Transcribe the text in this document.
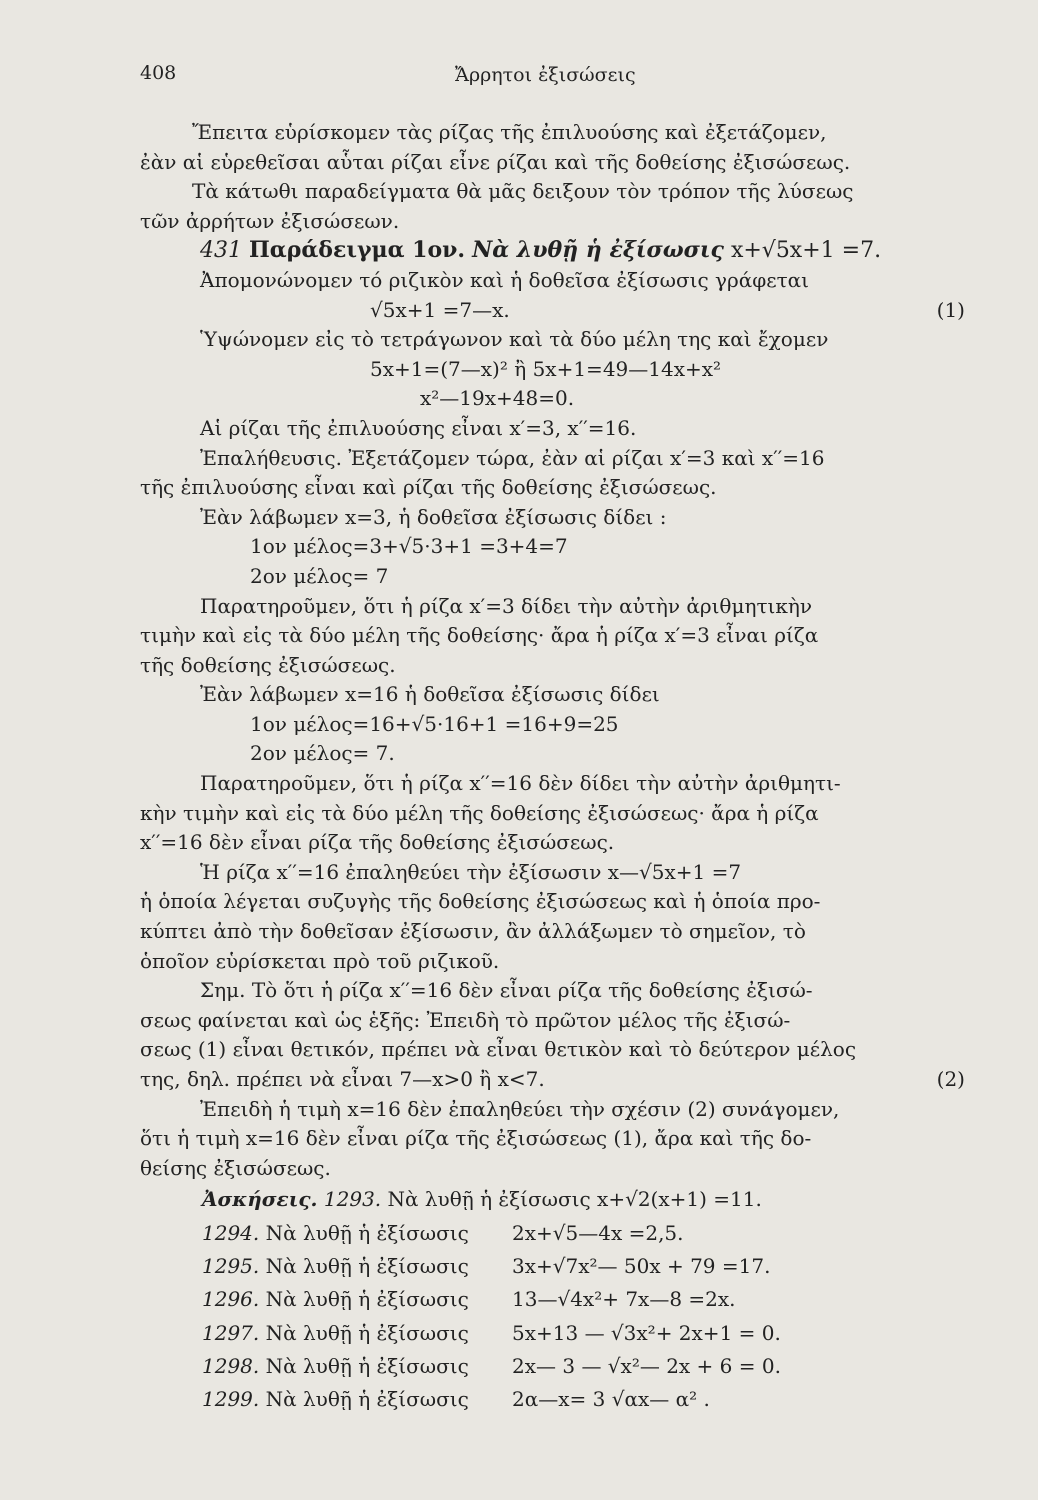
408	Ἄρρητοι ἐξισώσεις
Ἔπειτα εὑρίσκομεν τὰς ρίζας τῆς ἐπιλυούσης καὶ ἐξετάζομεν,
ἐὰν αἱ εὑρεθεῖσαι αὗται ρίζαι εἶνε ρίζαι καὶ τῆς δοθείσης ἐξισώσεως.
Τὰ κάτωθι παραδείγματα θὰ μᾶς δειξουν τὸν τρόπον τῆς λύσεως
τῶν ἀρρήτων ἐξισώσεων.
431 Παράδειγμα 1ον. Νὰ λυθῇ ἡ ἐξίσωσις x+√5x+1 =7.
Ἀπομονώνομεν τό ριζικὸν καὶ ἡ δοθεῖσα ἐξίσωσις γράφεται
√5x+1 =7—x.	(1)
Ὑψώνομεν εἰς τὸ τετράγωνον καὶ τὰ δύο μέλη της καὶ ἔχομεν
5x+1=(7—x)² ἢ 5x+1=49—14x+x²
x²—19x+48=0.
Αἱ ρίζαι τῆς ἐπιλυούσης εἶναι x′=3, x′′=16.
Ἐπαλήθευσις. Ἐξετάζομεν τώρα, ἐὰν αἱ ρίζαι x′=3 καὶ x′′=16
τῆς ἐπιλυούσης εἶναι καὶ ρίζαι τῆς δοθείσης ἐξισώσεως.
Ἐὰν λάβωμεν x=3, ἡ δοθεῖσα ἐξίσωσις δίδει :
1ον μέλος=3+√5·3+1 =3+4=7
2ον μέλος= 7
Παρατηροῦμεν, ὅτι ἡ ρίζα x′=3 δίδει τὴν αὐτὴν ἀριθμητικὴν
τιμὴν καὶ εἰς τὰ δύο μέλη τῆς δοθείσης· ἄρα ἡ ρίζα x′=3 εἶναι ρίζα
τῆς δοθείσης ἐξισώσεως.
Ἐὰν λάβωμεν x=16 ἡ δοθεῖσα ἐξίσωσις δίδει
1ον μέλος=16+√5·16+1 =16+9=25
2ον μέλος= 7.
Παρατηροῦμεν, ὅτι ἡ ρίζα x′′=16 δὲν δίδει τὴν αὐτὴν ἀριθμητι-
κὴν τιμὴν καὶ εἰς τὰ δύο μέλη τῆς δοθείσης ἐξισώσεως· ἄρα ἡ ρίζα
x′′=16 δὲν εἶναι ρίζα τῆς δοθείσης ἐξισώσεως.
Ἡ ρίζα x′′=16 ἐπαληθεύει τὴν ἐξίσωσιν x—√5x+1 =7
ἡ ὁποία λέγεται συζυγὴς τῆς δοθείσης ἐξισώσεως καὶ ἡ ὁποία προ-
κύπτει ἀπὸ τὴν δοθεῖσαν ἐξίσωσιν, ἂν ἀλλάξωμεν τὸ σημεῖον, τὸ
ὁποῖον εὑρίσκεται πρὸ τοῦ ριζικοῦ.
Σημ. Τὸ ὅτι ἡ ρίζα x′′=16 δὲν εἶναι ρίζα τῆς δοθείσης ἐξισώ-
σεως φαίνεται καὶ ὡς ἑξῆς: Ἐπειδὴ τὸ πρῶτον μέλος τῆς ἐξισώ-
σεως (1) εἶναι θετικόν, πρέπει νὰ εἶναι θετικὸν καὶ τὸ δεύτερον μέλος
της, δηλ. πρέπει νὰ εἶναι 7—x>0 ἢ x<7.	(2)
Ἐπειδὴ ἡ τιμὴ x=16 δὲν ἐπαληθεύει τὴν σχέσιν (2) συνάγομεν,
ὅτι ἡ τιμὴ x=16 δὲν εἶναι ρίζα τῆς ἐξισώσεως (1), ἄρα καὶ τῆς δο-
θείσης ἐξισώσεως.
Ἀσκήσεις. 1293. Νὰ λυθῇ ἡ ἐξίσωσις x+√2(x+1) =11.
1294. Νὰ λυθῇ ἡ ἐξίσωσις 2x+√5—4x =2,5.
1295. Νὰ λυθῇ ἡ ἐξίσωσις 3x+√7x²— 50x + 79 =17.
1296. Νὰ λυθῇ ἡ ἐξίσωσις 13—√4x²+ 7x—8 =2x.
1297. Νὰ λυθῇ ἡ ἐξίσωσις 5x+13 — √3x²+ 2x+1 = 0.
1298. Νὰ λυθῇ ἡ ἐξίσωσις 2x— 3 — √x²— 2x + 6 = 0.
1299. Νὰ λυθῇ ἡ ἐξίσωσις 2α—x= 3 √αx— α² .
